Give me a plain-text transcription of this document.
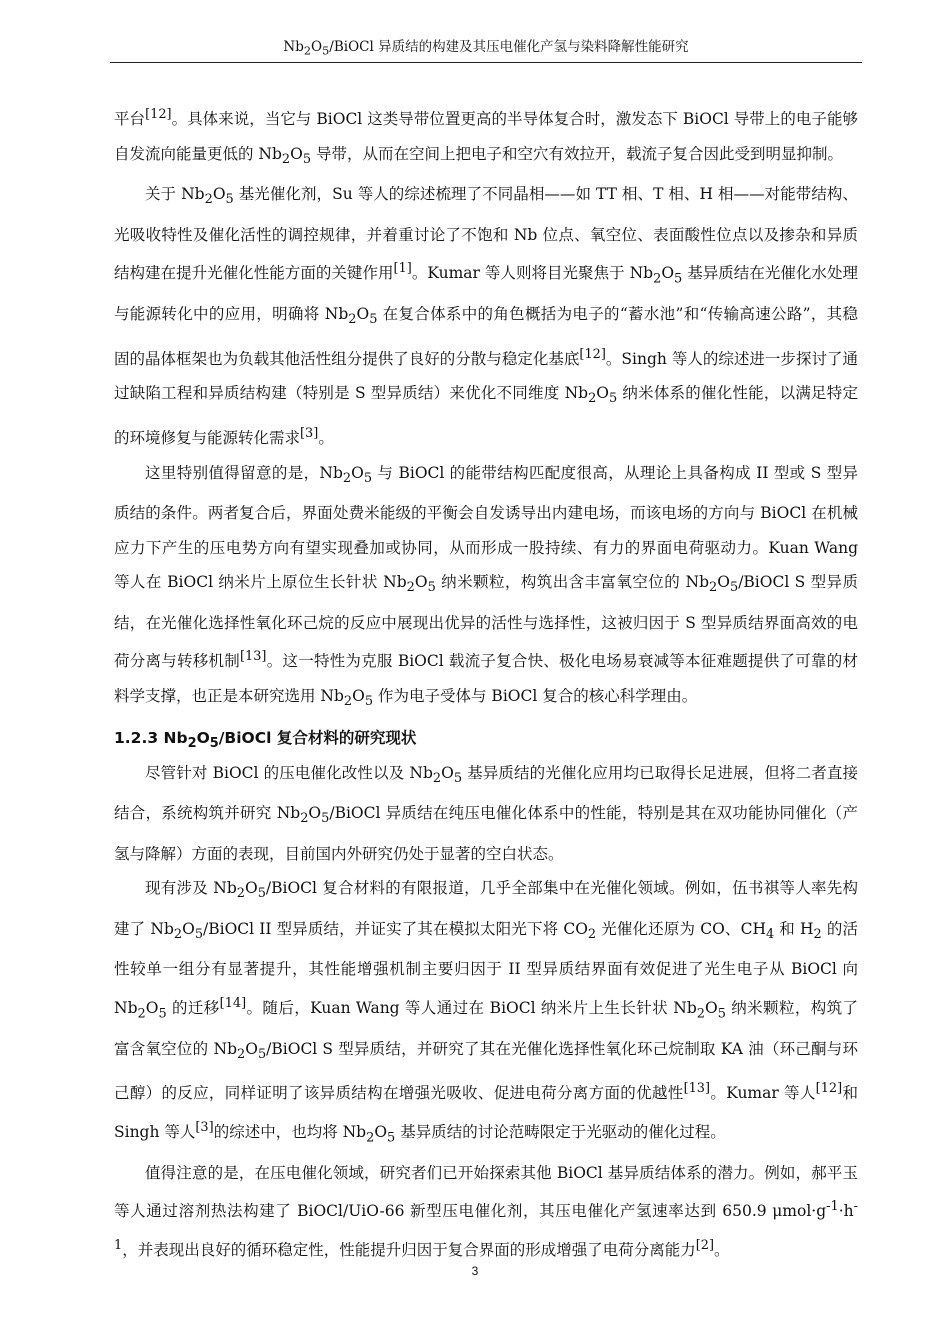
$Nb_2O_5$/BiOCl 异质结的构建及其压电催化产氢与染料降解性能研究

平台[12]。具体来说，当它与 BiOCl 这类导带位置更高的半导体复合时，激发态下 BiOCl 导带上的电子能够自发流向能量更低的 $Nb_2O_5$ 导带，从而在空间上把电子和空穴有效拉开，载流子复合因此受到明显抑制。

关于 $Nb_2O_5$ 基光催化剂，Su 等人的综述梳理了不同晶相——如 TT 相、T 相、H 相——对能带结构、光吸收特性及催化活性的调控规律，并着重讨论了不饱和 Nb 位点、氧空位、表面酸性位点以及掺杂和异质结构建在提升光催化性能方面的关键作用[1]。Kumar 等人则将目光聚焦于 $Nb_2O_5$ 基异质结在光催化水处理与能源转化中的应用，明确将 $Nb_2O_5$ 在复合体系中的角色概括为电子的“蓄水池”和“传输高速公路”，其稳固的晶体框架也为负载其他活性组分提供了良好的分散与稳定化基底[12]。Singh 等人的综述进一步探讨了通过缺陷工程和异质结构建（特别是 S 型异质结）来优化不同维度 $Nb_2O_5$ 纳米体系的催化性能，以满足特定的环境修复与能源转化需求[3]。

这里特别值得留意的是，$Nb_2O_5$ 与 BiOCl 的能带结构匹配度很高，从理论上具备构成 II 型或 S 型异质结的条件。两者复合后，界面处费米能级的平衡会自发诱导出内建电场，而该电场的方向与 BiOCl 在机械应力下产生的压电势方向有望实现叠加或协同，从而形成一股持续、有力的界面电荷驱动力。Kuan Wang 等人在 BiOCl 纳米片上原位生长针状 $Nb_2O_5$ 纳米颗粒，构筑出含丰富氧空位的 $Nb_2O_5$/BiOCl S 型异质结，在光催化选择性氧化环己烷的反应中展现出优异的活性与选择性，这被归因于 S 型异质结界面高效的电荷分离与转移机制[13]。这一特性为克服 BiOCl 载流子复合快、极化电场易衰减等本征难题提供了可靠的材料学支撑，也正是本研究选用 $Nb_2O_5$ 作为电子受体与 BiOCl 复合的核心科学理由。

1.2.3 $Nb_2O_5$/BiOCl 复合材料的研究现状

尽管针对 BiOCl 的压电催化改性以及 $Nb_2O_5$ 基异质结的光催化应用均已取得长足进展，但将二者直接结合，系统构筑并研究 $Nb_2O_5$/BiOCl 异质结在纯压电催化体系中的性能，特别是其在双功能协同催化（产氢与降解）方面的表现，目前国内外研究仍处于显著的空白状态。

现有涉及 $Nb_2O_5$/BiOCl 复合材料的有限报道，几乎全部集中在光催化领域。例如，伍书祺等人率先构建了 $Nb_2O_5$/BiOCl II 型异质结，并证实了其在模拟太阳光下将 $CO_2$ 光催化还原为 CO、$CH_4$ 和 $H_2$ 的活性较单一组分有显著提升，其性能增强机制主要归因于 II 型异质结界面有效促进了光生电子从 BiOCl 向 $Nb_2O_5$ 的迁移[14]。随后，Kuan Wang 等人通过在 BiOCl 纳米片上生长针状 $Nb_2O_5$ 纳米颗粒，构筑了富含氧空位的 $Nb_2O_5$/BiOCl S 型异质结，并研究了其在光催化选择性氧化环己烷制取 KA 油（环己酮与环己醇）的反应，同样证明了该异质结构在增强光吸收、促进电荷分离方面的优越性[13]。Kumar 等人[12]和 Singh 等人[3]的综述中，也均将 $Nb_2O_5$ 基异质结的讨论范畴限定于光驱动的催化过程。

值得注意的是，在压电催化领域，研究者们已开始探索其他 BiOCl 基异质结体系的潜力。例如，郝平玉等人通过溶剂热法构建了 BiOCl/UiO-66 新型压电催化剂，其压电催化产氢速率达到 650.9 $\mu mol\cdot g^{-1}\cdot h^{-1}$，并表现出良好的循环稳定性，性能提升归因于复合界面的形成增强了电荷分离能力[2]。

3
